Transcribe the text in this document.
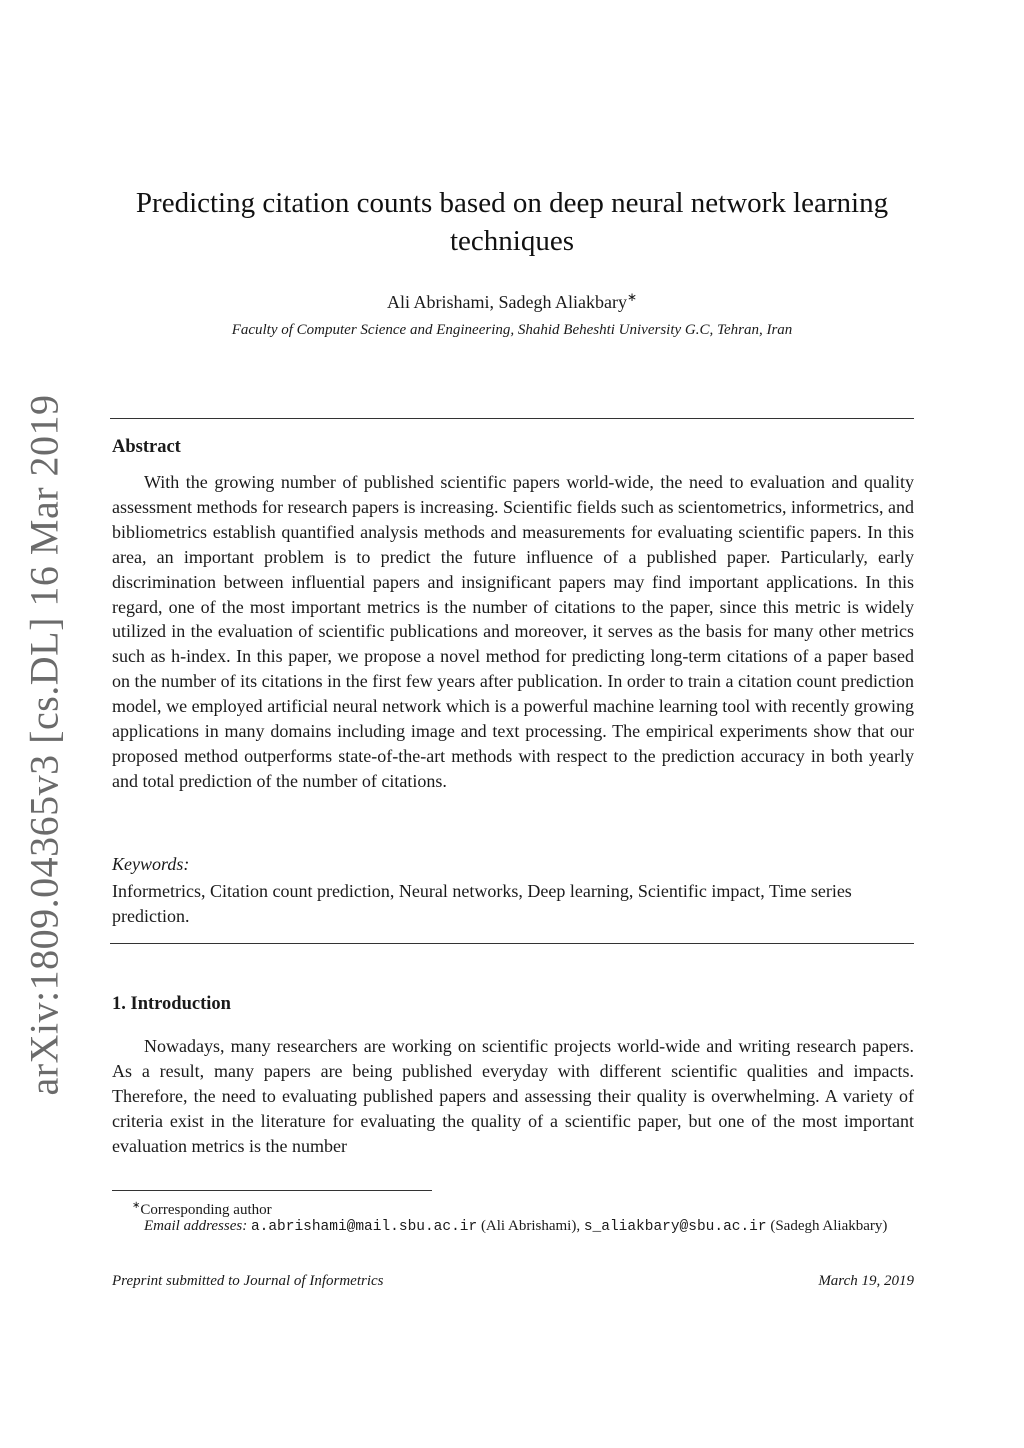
arXiv:1809.04365v3 [cs.DL] 16 Mar 2019
Predicting citation counts based on deep neural network learning
techniques
Ali Abrishami, Sadegh Aliakbary∗
Faculty of Computer Science and Engineering, Shahid Beheshti University G.C, Tehran, Iran
Abstract

With the growing number of published scientific papers world-wide, the need to evaluation and quality assessment methods for research papers is increasing. Scientific fields such as scientometrics, informetrics, and bibliometrics establish quantified analysis methods and measurements for evaluating scientific papers. In this area, an important problem is to predict the future influence of a published paper. Particularly, early discrimination between influential papers and insignificant papers may find important applications. In this regard, one of the most important metrics is the number of citations to the paper, since this metric is widely utilized in the evaluation of scientific publications and moreover, it serves as the basis for many other metrics such as h-index. In this paper, we propose a novel method for predicting long-term citations of a paper based on the number of its citations in the first few years after publication. In order to train a citation count prediction model, we employed artificial neural network which is a powerful machine learning tool with recently growing applications in many domains including image and text processing. The empirical experiments show that our proposed method outperforms state-of-the-art methods with respect to the prediction accuracy in both yearly and total prediction of the number of citations.

Keywords:

Informetrics, Citation count prediction, Neural networks, Deep learning, Scientific impact, Time series prediction.

1. Introduction

Nowadays, many researchers are working on scientific projects world-wide and writing research papers. As a result, many papers are being published everyday with different scientific qualities and impacts. Therefore, the need to evaluating published papers and assessing their quality is overwhelming. A variety of criteria exist in the literature for evaluating the quality of a scientific paper, but one of the most important evaluation metrics is the number

∗Corresponding author

Email addresses: a.abrishami@mail.sbu.ac.ir (Ali Abrishami), s_aliakbary@sbu.ac.ir (Sadegh Aliakbary)

Preprint submitted to Journal of Informetrics	March 19, 2019
